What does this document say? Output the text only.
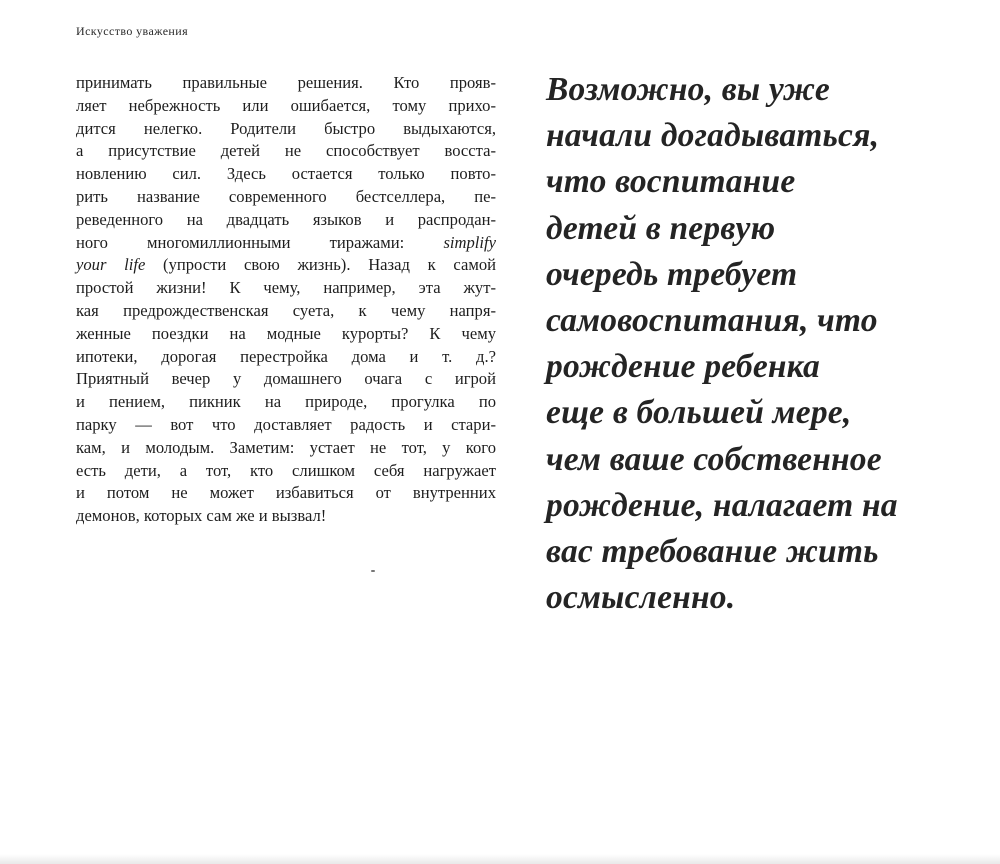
Искусство уважения
принимать правильные решения. Кто прояв-
ляет небрежность или ошибается, тому прихо-
дится нелегко. Родители быстро выдыхаются,
а присутствие детей не способствует восста-
новлению сил. Здесь остается только повто-
рить название современного бестселлера, пе-
реведенного на двадцать языков и распродан-
ного многомиллионными тиражами: simplify
your life (упрости свою жизнь). Назад к самой
простой жизни! К чему, например, эта жут-
кая предрождественская суета, к чему напря-
женные поездки на модные курорты? К чему
ипотеки, дорогая перестройка дома и т. д.?
Приятный вечер у домашнего очага с игрой
и пением, пикник на природе, прогулка по
парку — вот что доставляет радость и стари-
кам, и молодым. Заметим: устает не тот, у кого
есть дети, а тот, кто слишком себя нагружает
и потом не может избавиться от внутренних
демонов, которых сам же и вызвал!
Возможно, вы уже
начали догадываться,
что воспитание
детей в первую
очередь требует
самовоспитания, что
рождение ребенка
еще в большей мере,
чем ваше собственное
рождение, налагает на
вас требование жить
осмысленно.
